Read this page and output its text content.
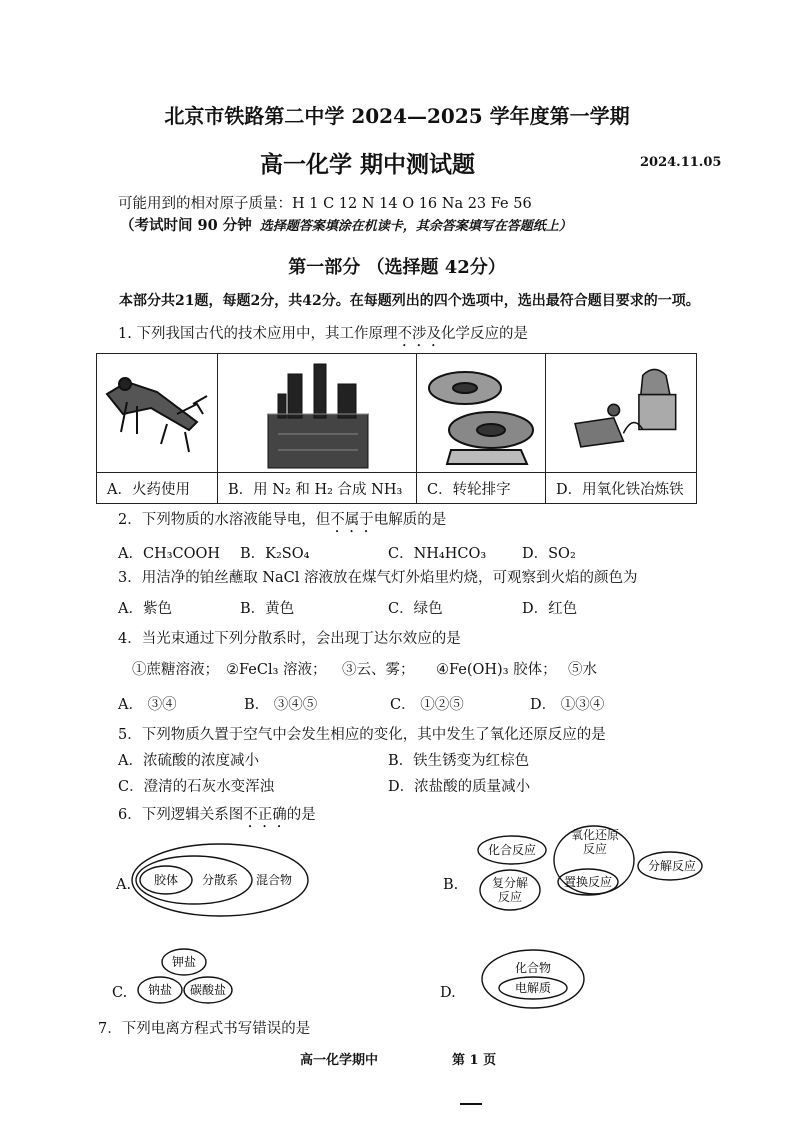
北京市铁路第二中学 2024—2025 学年度第一学期
高一化学 期中测试题	2024.11.05
可能用到的相对原子质量：H 1 C 12 N 14 O 16 Na 23 Fe 56
（考试时间 90 分钟 选择题答案填涂在机读卡，其余答案填写在答题纸上）
第一部分 （选择题 42分）
本部分共21题，每题2分，共42分。在每题列出的四个选项中，选出最符合题目要求的一项。
1. 下列我国古代的技术应用中，其工作原理不涉及化学反应的是

A．火药使用	B．用 N₂ 和 H₂ 合成 NH₃	C．转轮排字	D．用氧化铁冶炼铁
2．下列物质的水溶液能导电，但不属于电解质的是
A．CH₃COOH B．K₂SO₄	C．NH₄HCO₃ D．SO₂
3．用洁净的铂丝蘸取 NaCl 溶液放在煤气灯外焰里灼烧，可观察到火焰的颜色为
A．紫色	B．黄色	C．绿色	D．红色
4．当光束通过下列分散系时，会出现丁达尔效应的是
①蔗糖溶液； ②FeCl₃ 溶液； ③云、雾； ④Fe(OH)₃ 胶体； ⑤水
A． ③④	B． ③④⑤	C． ①②⑤	D． ①③④
5．下列物质久置于空气中会发生相应的变化，其中发生了氧化还原反应的是
A．浓硫酸的浓度减小	B．铁生锈变为红棕色
C．澄清的石灰水变浑浊	D．浓盐酸的质量减小
6．下列逻辑关系图不正确的是
A. 胶体 分散系 混合物	B.
化合反应
氧化还原反应
分解反应
复分解反应
置换反应
C.
钾盐
钠盐 碳酸盐	D.
化合物
电解质
7．下列电离方程式书写错误的是
高一化学期中	第 1 页
